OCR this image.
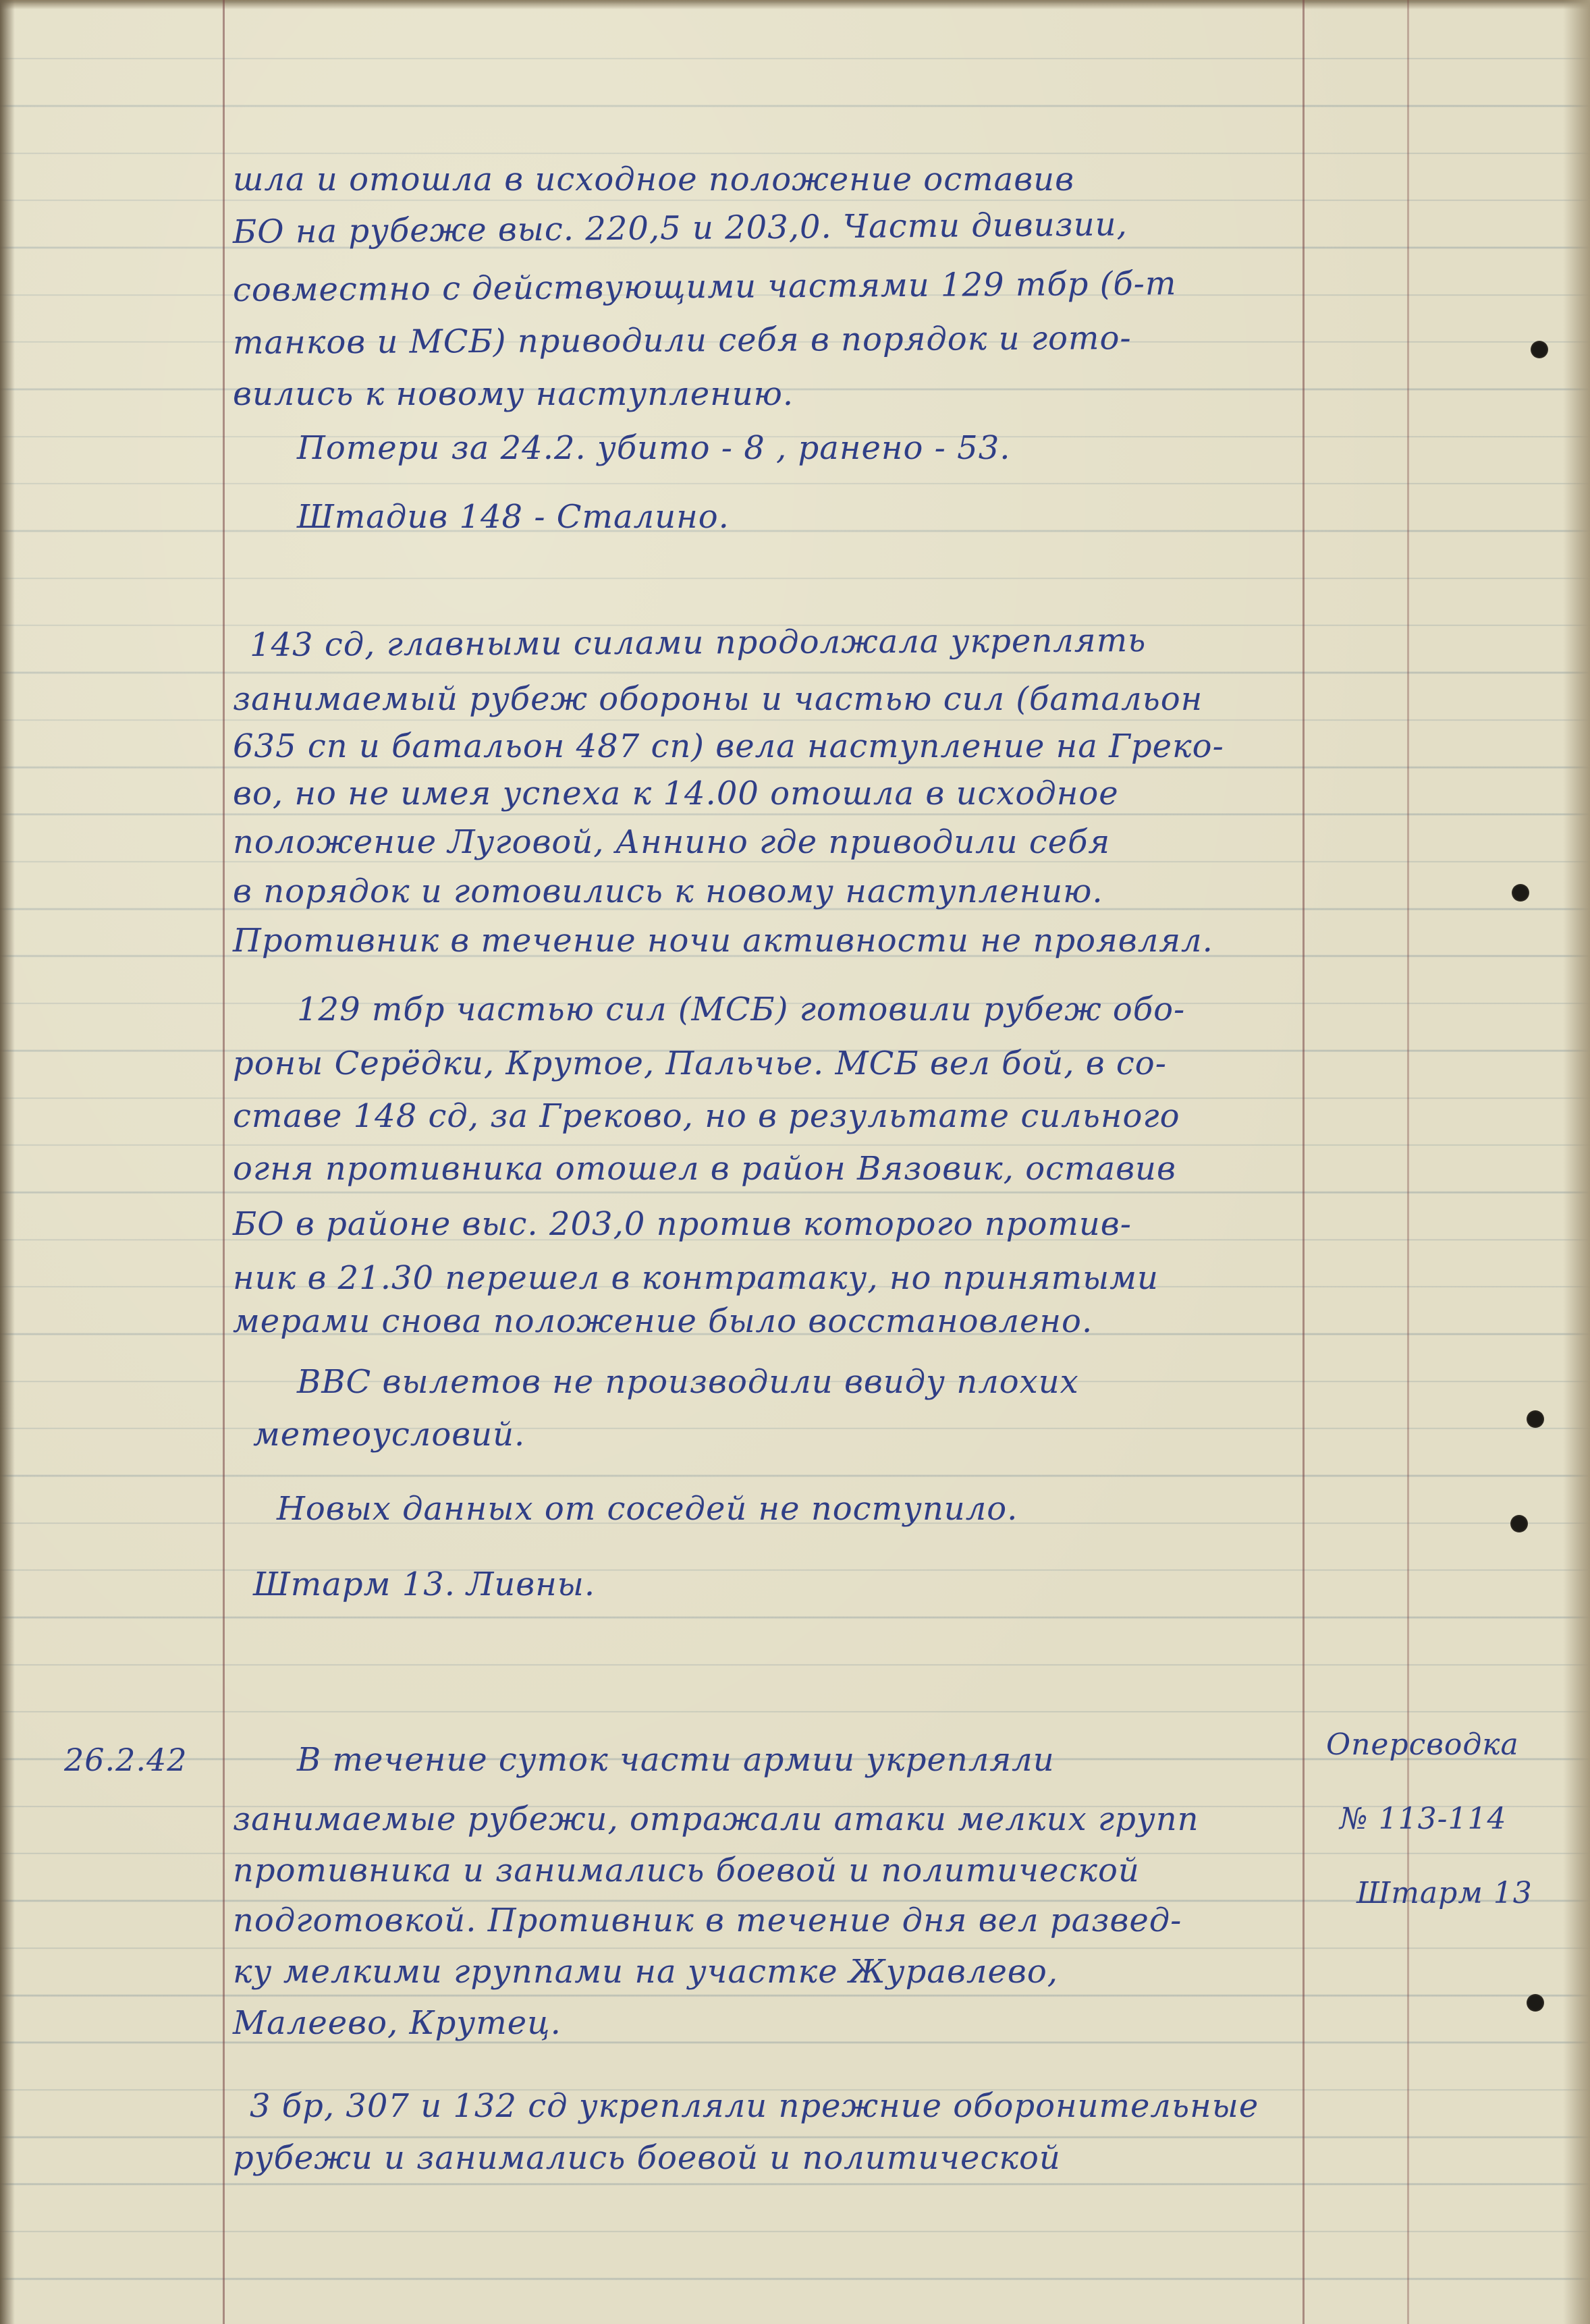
шла и отошла в исходное положение оставив
БО на рубеже выс. 220,5 и 203,0. Части дивизии,
совместно с действующими частями 129 тбр (б-т
танков и МСБ) приводили себя в порядок и гото-
вились к новому наступлению.
Потери за 24.2. убито - 8 , ранено - 53.
Штадив 148 - Сталино.
143 сд, главными силами продолжала укреплять
занимаемый рубеж обороны и частью сил (батальон
635 сп и батальон 487 сп) вела наступление на Греко-
во, но не имея успеха к 14.00 отошла в исходное
положение Луговой, Аннино где приводили себя
в порядок и готовились к новому наступлению.
Противник в течение ночи активности не проявлял.
129 тбр частью сил (МСБ) готовили рубеж обо-
роны Серёдки, Крутое, Пальчье. МСБ вел бой, в со-
ставе 148 сд, за Греково, но в результате сильного
огня противника отошел в район Вязовик, оставив
БО в районе выс. 203,0 против которого против-
ник в 21.30 перешел в контратаку, но принятыми
мерами снова положение было восстановлено.
ВВС вылетов не производили ввиду плохих
метеоусловий.
Новых данных от соседей не поступило.
Штарм 13. Ливны.
26.2.42	Оперсводка
№ 113-114
Штарм 13
В течение суток части армии укрепляли
занимаемые рубежи, отражали атаки мелких групп
противника и занимались боевой и политической
подготовкой. Противник в течение дня вел развед-
ку мелкими группами на участке Журавлево,
Малеево, Крутец.
3 бр, 307 и 132 сд укрепляли прежние оборонительные
рубежи и занимались боевой и политической
